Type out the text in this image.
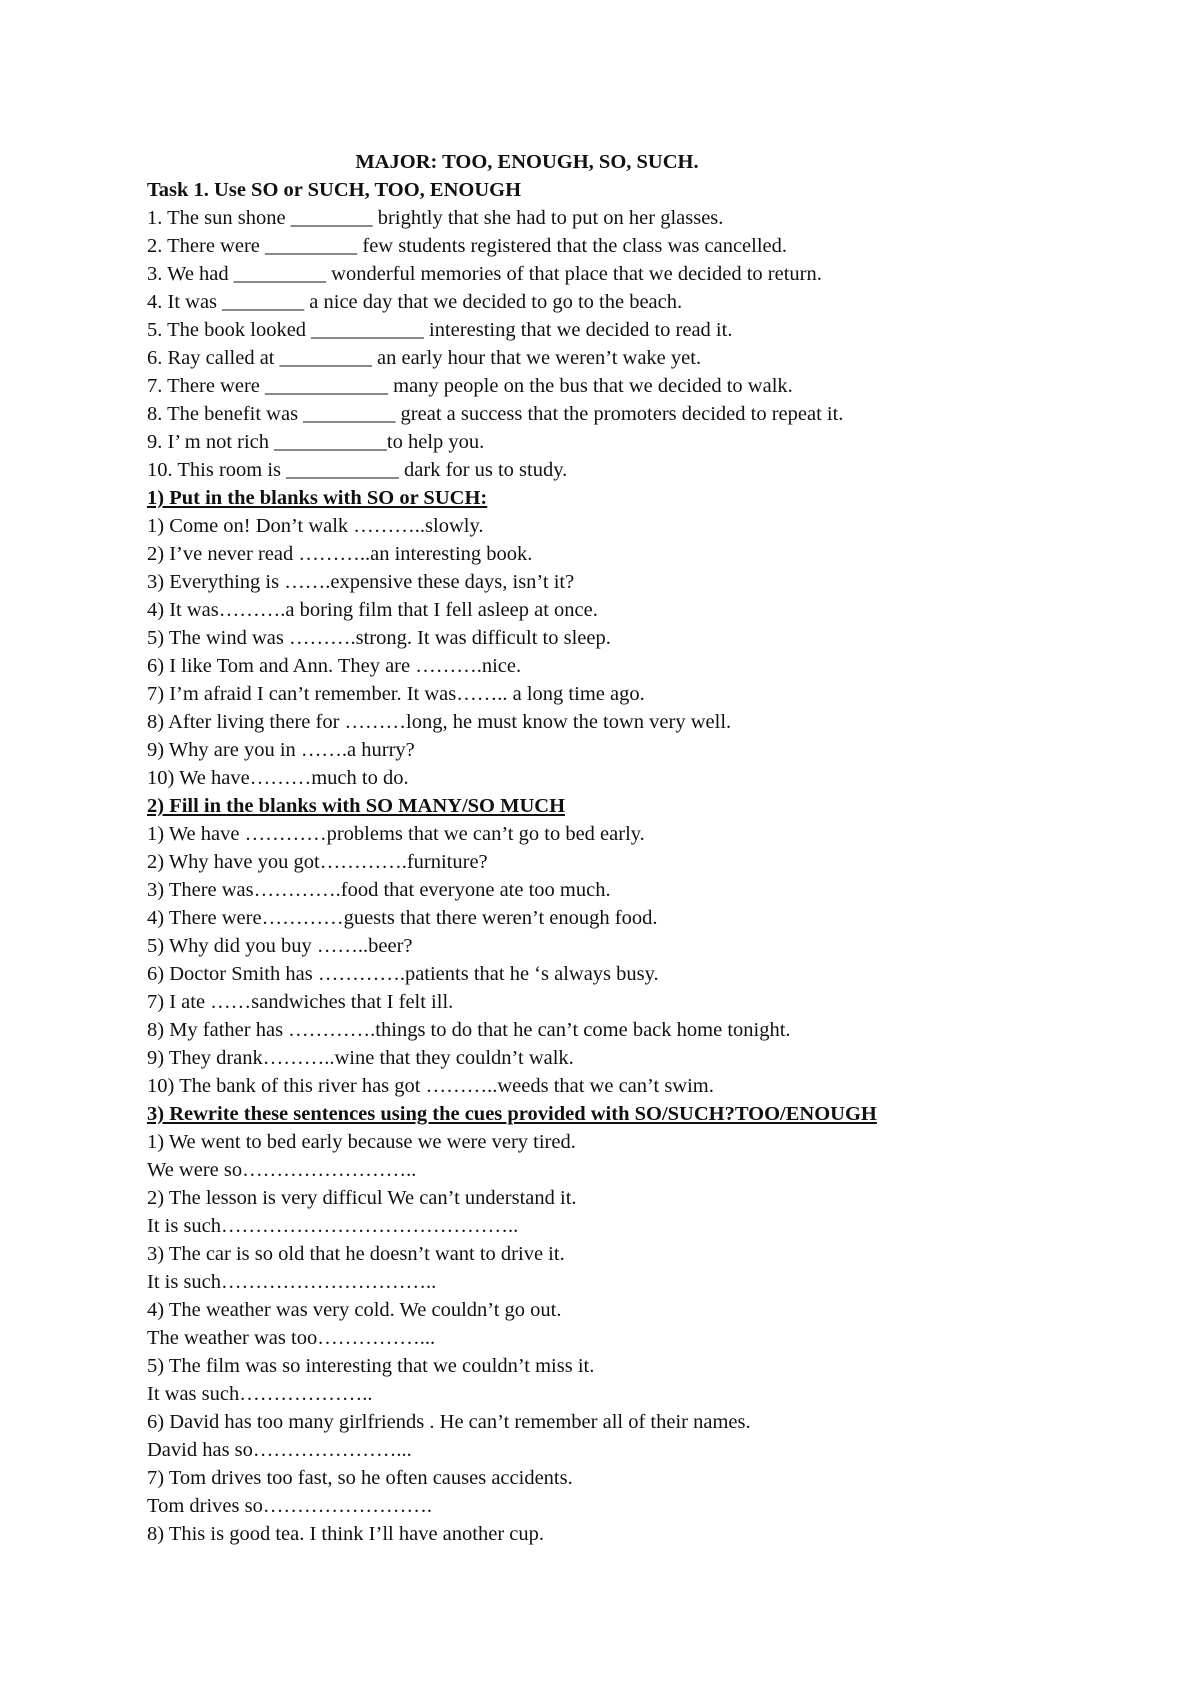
MAJOR: TOO, ENOUGH, SO, SUCH.
Task 1. Use SO or SUCH, TOO, ENOUGH
1. The sun shone ________ brightly that she had to put on her glasses.
2. There were _________ few students registered that the class was cancelled.
3. We had _________ wonderful memories of that place that we decided to return.
4. It was ________ a nice day that we decided to go to the beach.
5. The book looked ___________ interesting that we decided to read it.
6. Ray called at _________ an early hour that we weren’t wake yet.
7. There were ____________ many people on the bus that we decided to walk.
8. The benefit was _________ great a success that the promoters decided to repeat it.
9. I’ m not rich ___________to help you.
10. This room is ___________ dark for us to study.
1) Put in the blanks with SO or SUCH:
1) Come on! Don’t walk ………..slowly.
2) I’ve never read ………..an interesting book.
3) Everything is …….expensive these days, isn’t it?
4) It was……….a boring film that I fell asleep at once.
5) The wind was ……….strong. It was difficult to sleep.
6) I like Tom and Ann. They are ……….nice.
7) I’m afraid I can’t remember. It was…….. a long time ago.
8) After living there for ………long, he must know the town very well.
9) Why are you in …….a hurry?
10) We have………much to do.
2) Fill in the blanks with SO MANY/SO MUCH
1) We have …………problems that we can’t go to bed early.
2) Why have you got………….furniture?
3) There was………….food that everyone ate too much.
4) There were…………guests that there weren’t enough food.
5) Why did you buy ……..beer?
6) Doctor Smith has ………….patients that he ‘s always busy.
7) I ate ……sandwiches that I felt ill.
8) My father has ………….things to do that he can’t come back home tonight.
9) They drank………..wine that they couldn’t walk.
10) The bank of this river has got ………..weeds that we can’t swim.
3) Rewrite these sentences using the cues provided with SO/SUCH?TOO/ENOUGH
1) We went to bed early because we were very tired.
We were so……………………..
2) The lesson is very difficul We can’t understand it.
It is such……………………………………..
3) The car is so old that he doesn’t want to drive it.
It is such…………………………..
4) The weather was very cold. We couldn’t go out.
The weather was too……………...
5) The film was so interesting that we couldn’t miss it.
It was such………………..
6) David has too many girlfriends . He can’t remember all of their names.
David has so…………………...
7) Tom drives too fast, so he often causes accidents.
Tom drives so…………………….
8) This is good tea. I think I’ll have another cup.
